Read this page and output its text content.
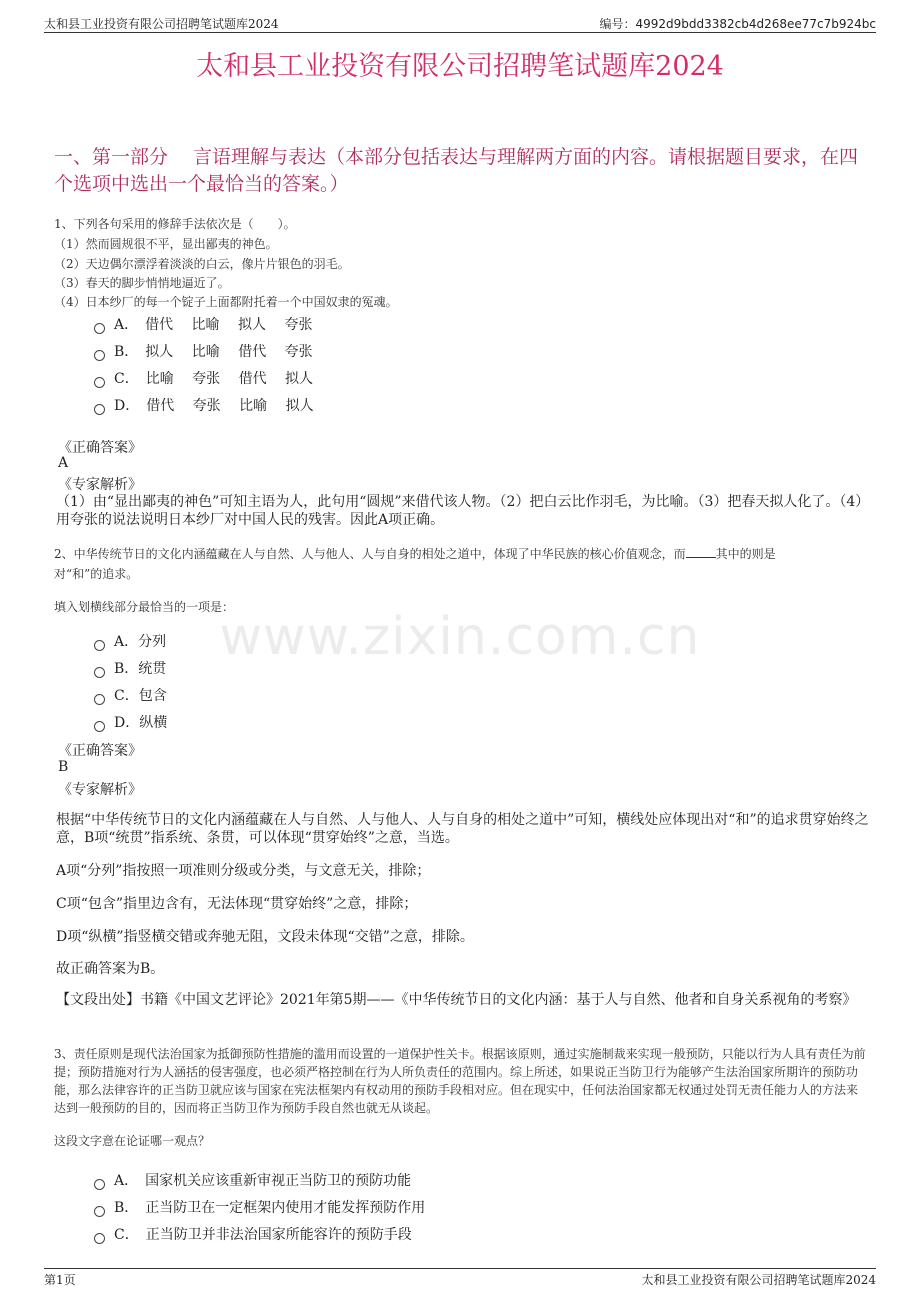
太和县工业投资有限公司招聘笔试题库2024	编号：4992d9bdd3382cb4d268ee77c7b924bc
太和县工业投资有限公司招聘笔试题库2024
一、第一部分　 言语理解与表达（本部分包括表达与理解两方面的内容。请根据题目要求，在四个选项中选出一个最恰当的答案。）
www.zixin.com.cn
1、下列各句采用的修辞手法依次是（　　）。
（1）然而圆规很不平，显出鄙夷的神色。
（2）天边偶尔漂浮着淡淡的白云，像片片银色的羽毛。
（3）春天的脚步悄悄地逼近了。
（4）日本纱厂的每一个锭子上面都附托着一个中国奴隶的冤魂。
A．　借代　 比喻　 拟人　 夸张
B．　拟人　 比喻　 借代　 夸张
C．　比喻　 夸张　 借代　 拟人
D．　借代　 夸张　 比喻　 拟人
《正确答案》
A
《专家解析》
（1）由“显出鄙夷的神色”可知主语为人，此句用“圆规”来借代该人物。（2）把白云比作羽毛，为比喻。（3）把春天拟人化了。（4）用夸张的说法说明日本纱厂对中国人民的残害。因此A项正确。
2、中华传统节日的文化内涵蕴藏在人与自然、人与他人、人与自身的相处之道中，体现了中华民族的核心价值观念，而	其中的则是
对“和”的追求。
填入划横线部分最恰当的一项是：
A．分列
B．统贯
C．包含
D．纵横
《正确答案》
B
《专家解析》
根据“中华传统节日的文化内涵蕴藏在人与自然、人与他人、人与自身的相处之道中”可知，横线处应体现出对“和”的追求贯穿始终之意，B项“统贯”指系统、条贯，可以体现“贯穿始终”之意，当选。
A项“分列”指按照一项准则分级或分类，与文意无关，排除；
C项“包含”指里边含有，无法体现“贯穿始终”之意，排除；
D项“纵横”指竖横交错或奔驰无阻，文段未体现“交错”之意，排除。
故正确答案为B。
【文段出处】书籍《中国文艺评论》2021年第5期——《中华传统节日的文化内涵：基于人与自然、他者和自身关系视角的考察》
3、责任原则是现代法治国家为抵御预防性措施的滥用而设置的一道保护性关卡。根据该原则，通过实施制裁来实现一般预防，只能以行为人具有责任为前提；预防措施对行为人涵括的侵害强度，也必须严格控制在行为人所负责任的范围内。综上所述，如果说正当防卫行为能够产生法治国家所期许的预防功能，那么法律容许的正当防卫就应该与国家在宪法框架内有权动用的预防手段相对应。但在现实中，任何法治国家都无权通过处罚无责任能力人的方法来达到一般预防的目的，因而将正当防卫作为预防手段自然也就无从谈起。
这段文字意在论证哪一观点？
A．　国家机关应该重新审视正当防卫的预防功能
B．　正当防卫在一定框架内使用才能发挥预防作用
C．　正当防卫并非法治国家所能容许的预防手段
第1页	太和县工业投资有限公司招聘笔试题库2024
